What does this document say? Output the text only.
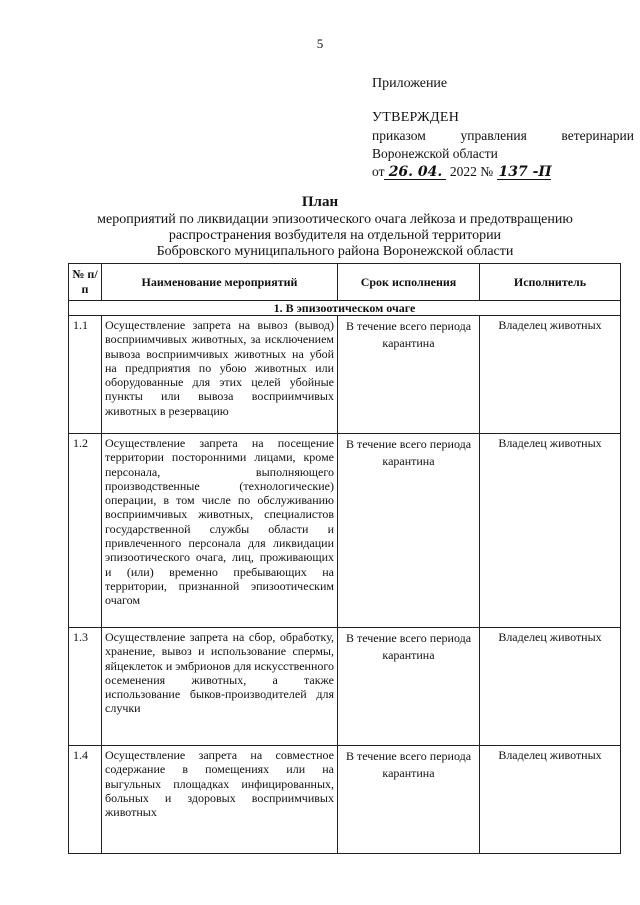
5
Приложение
УТВЕРЖДЕН
приказом управления ветеринарии
Воронежской области
от 26. 04. 2022 № 137 -П
План
мероприятий по ликвидации эпизоотического очага лейкоза и предотвращению
распространения возбудителя на отдельной территории
Бобровского муниципального района Воронежской области
№ п/п	Наименование мероприятий	Срок исполнения	Исполнитель
1. В эпизоотическом очаге			
1.1	Осуществление запрета на вывоз (вывод) восприимчивых животных, за исключением вывоза восприимчивых животных на убой на предприятия по убою животных или оборудованные для этих целей убойные пункты или вывоза восприимчивых животных в резервацию	В течение всего периода карантина	Владелец животных
1.2	Осуществление запрета на посещение территории посторонними лицами, кроме персонала, выполняющего производственные (технологические) операции, в том числе по обслуживанию восприимчивых животных, специалистов государственной службы области и привлеченного персонала для ликвидации эпизоотического очага, лиц, проживающих и (или) временно пребывающих на территории, признанной эпизоотическим очагом	В течение всего периода карантина	Владелец животных
1.3	Осуществление запрета на сбор, обработку, хранение, вывоз и использование спермы, яйцеклеток и эмбрионов для искусственного осеменения животных, а также использование быков-производителей для случки	В течение всего периода карантина	Владелец животных
1.4	Осуществление запрета на совместное содержание в помещениях или на выгульных площадках инфицированных, больных и здоровых восприимчивых животных	В течение всего периода карантина	Владелец животных
